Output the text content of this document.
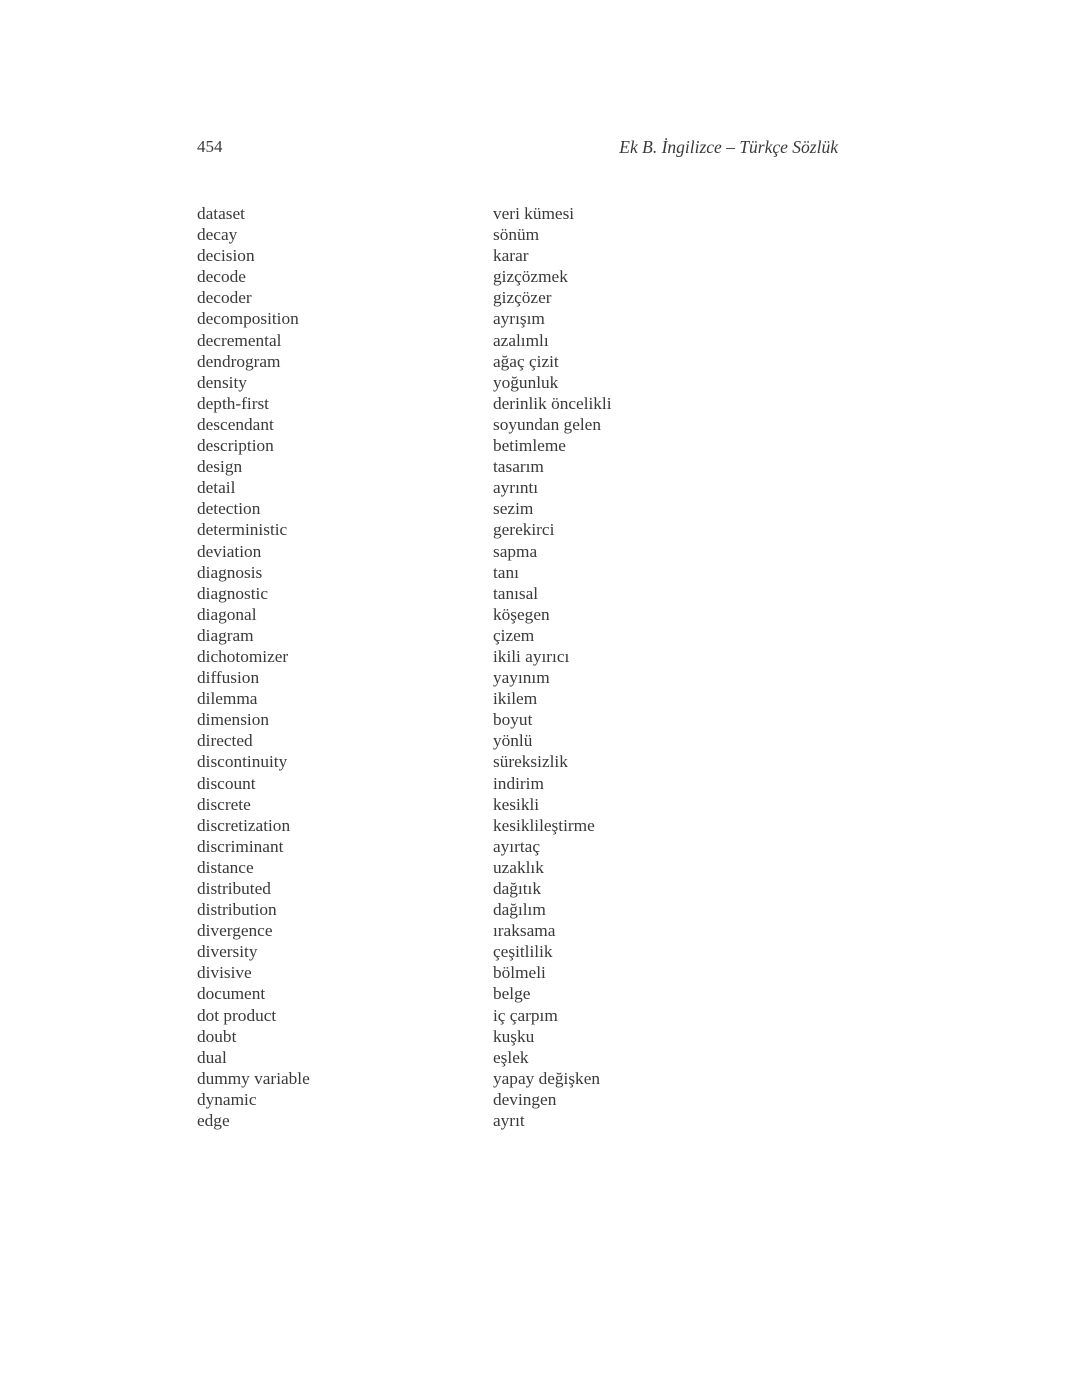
454	Ek B. İngilizce – Türkçe Sözlük
dataset	veri kümesi
decay	sönüm
decision	karar
decode	gizçözmek
decoder	gizçözer
decomposition	ayrışım
decremental	azalımlı
dendrogram	ağaç çizit
density	yoğunluk
depth-first	derinlik öncelikli
descendant	soyundan gelen
description	betimleme
design	tasarım
detail	ayrıntı
detection	sezim
deterministic	gerekirci
deviation	sapma
diagnosis	tanı
diagnostic	tanısal
diagonal	köşegen
diagram	çizem
dichotomizer	ikili ayırıcı
diffusion	yayınım
dilemma	ikilem
dimension	boyut
directed	yönlü
discontinuity	süreksizlik
discount	indirim
discrete	kesikli
discretization	kesiklileştirme
discriminant	ayırtaç
distance	uzaklık
distributed	dağıtık
distribution	dağılım
divergence	ıraksama
diversity	çeşitlilik
divisive	bölmeli
document	belge
dot product	iç çarpım
doubt	kuşku
dual	eşlek
dummy variable	yapay değişken
dynamic	devingen
edge	ayrıt
